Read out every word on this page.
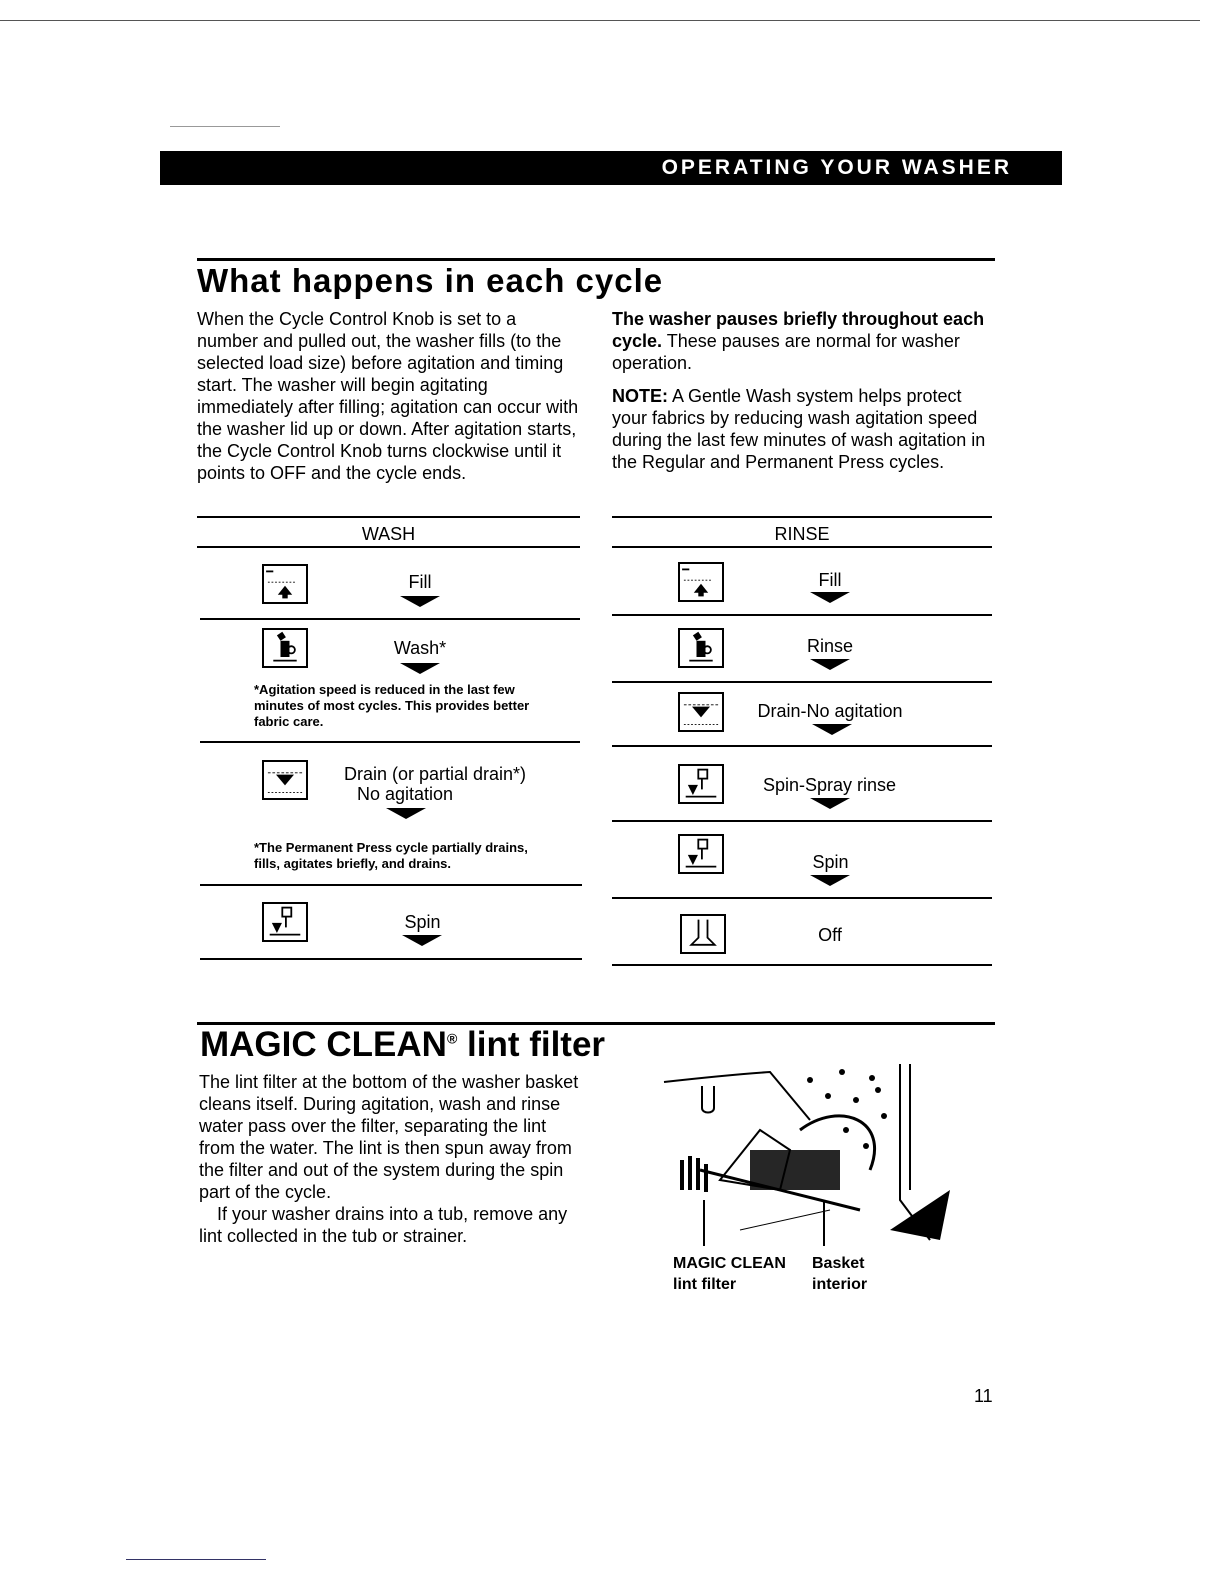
OPERATING YOUR WASHER
What happens in each cycle
When the Cycle Control Knob is set to a number and pulled out, the washer fills (to the selected load size) before agitation and timing start. The washer will begin agitating immediately after filling; agitation can occur with the washer lid up or down. After agitation starts, the Cycle Control Knob turns clockwise until it points to OFF and the cycle ends.
The washer pauses briefly throughout each cycle. These pauses are normal for washer operation.
NOTE: A Gentle Wash system helps protect your fabrics by reducing wash agitation speed during the last few minutes of wash agitation in the Regular and Permanent Press cycles.
WASH
Fill
Wash*
*Agitation speed is reduced in the last few minutes of most cycles. This provides better fabric care.
Drain (or partial drain*)
No agitation
*The Permanent Press cycle partially drains, fills, agitates briefly, and drains.
Spin
RINSE
Fill
Rinse
Drain-No agitation
Spin-Spray rinse
Spin
Off
MAGIC CLEAN® lint filter
The lint filter at the bottom of the washer basket cleans itself. During agitation, wash and rinse water pass over the filter, separating the lint from the water. The lint is then spun away from the filter and out of the system during the spin part of the cycle.
If your washer drains into a tub, remove any lint collected in the tub or strainer.
MAGIC CLEAN
lint filter
Basket
interior
11
